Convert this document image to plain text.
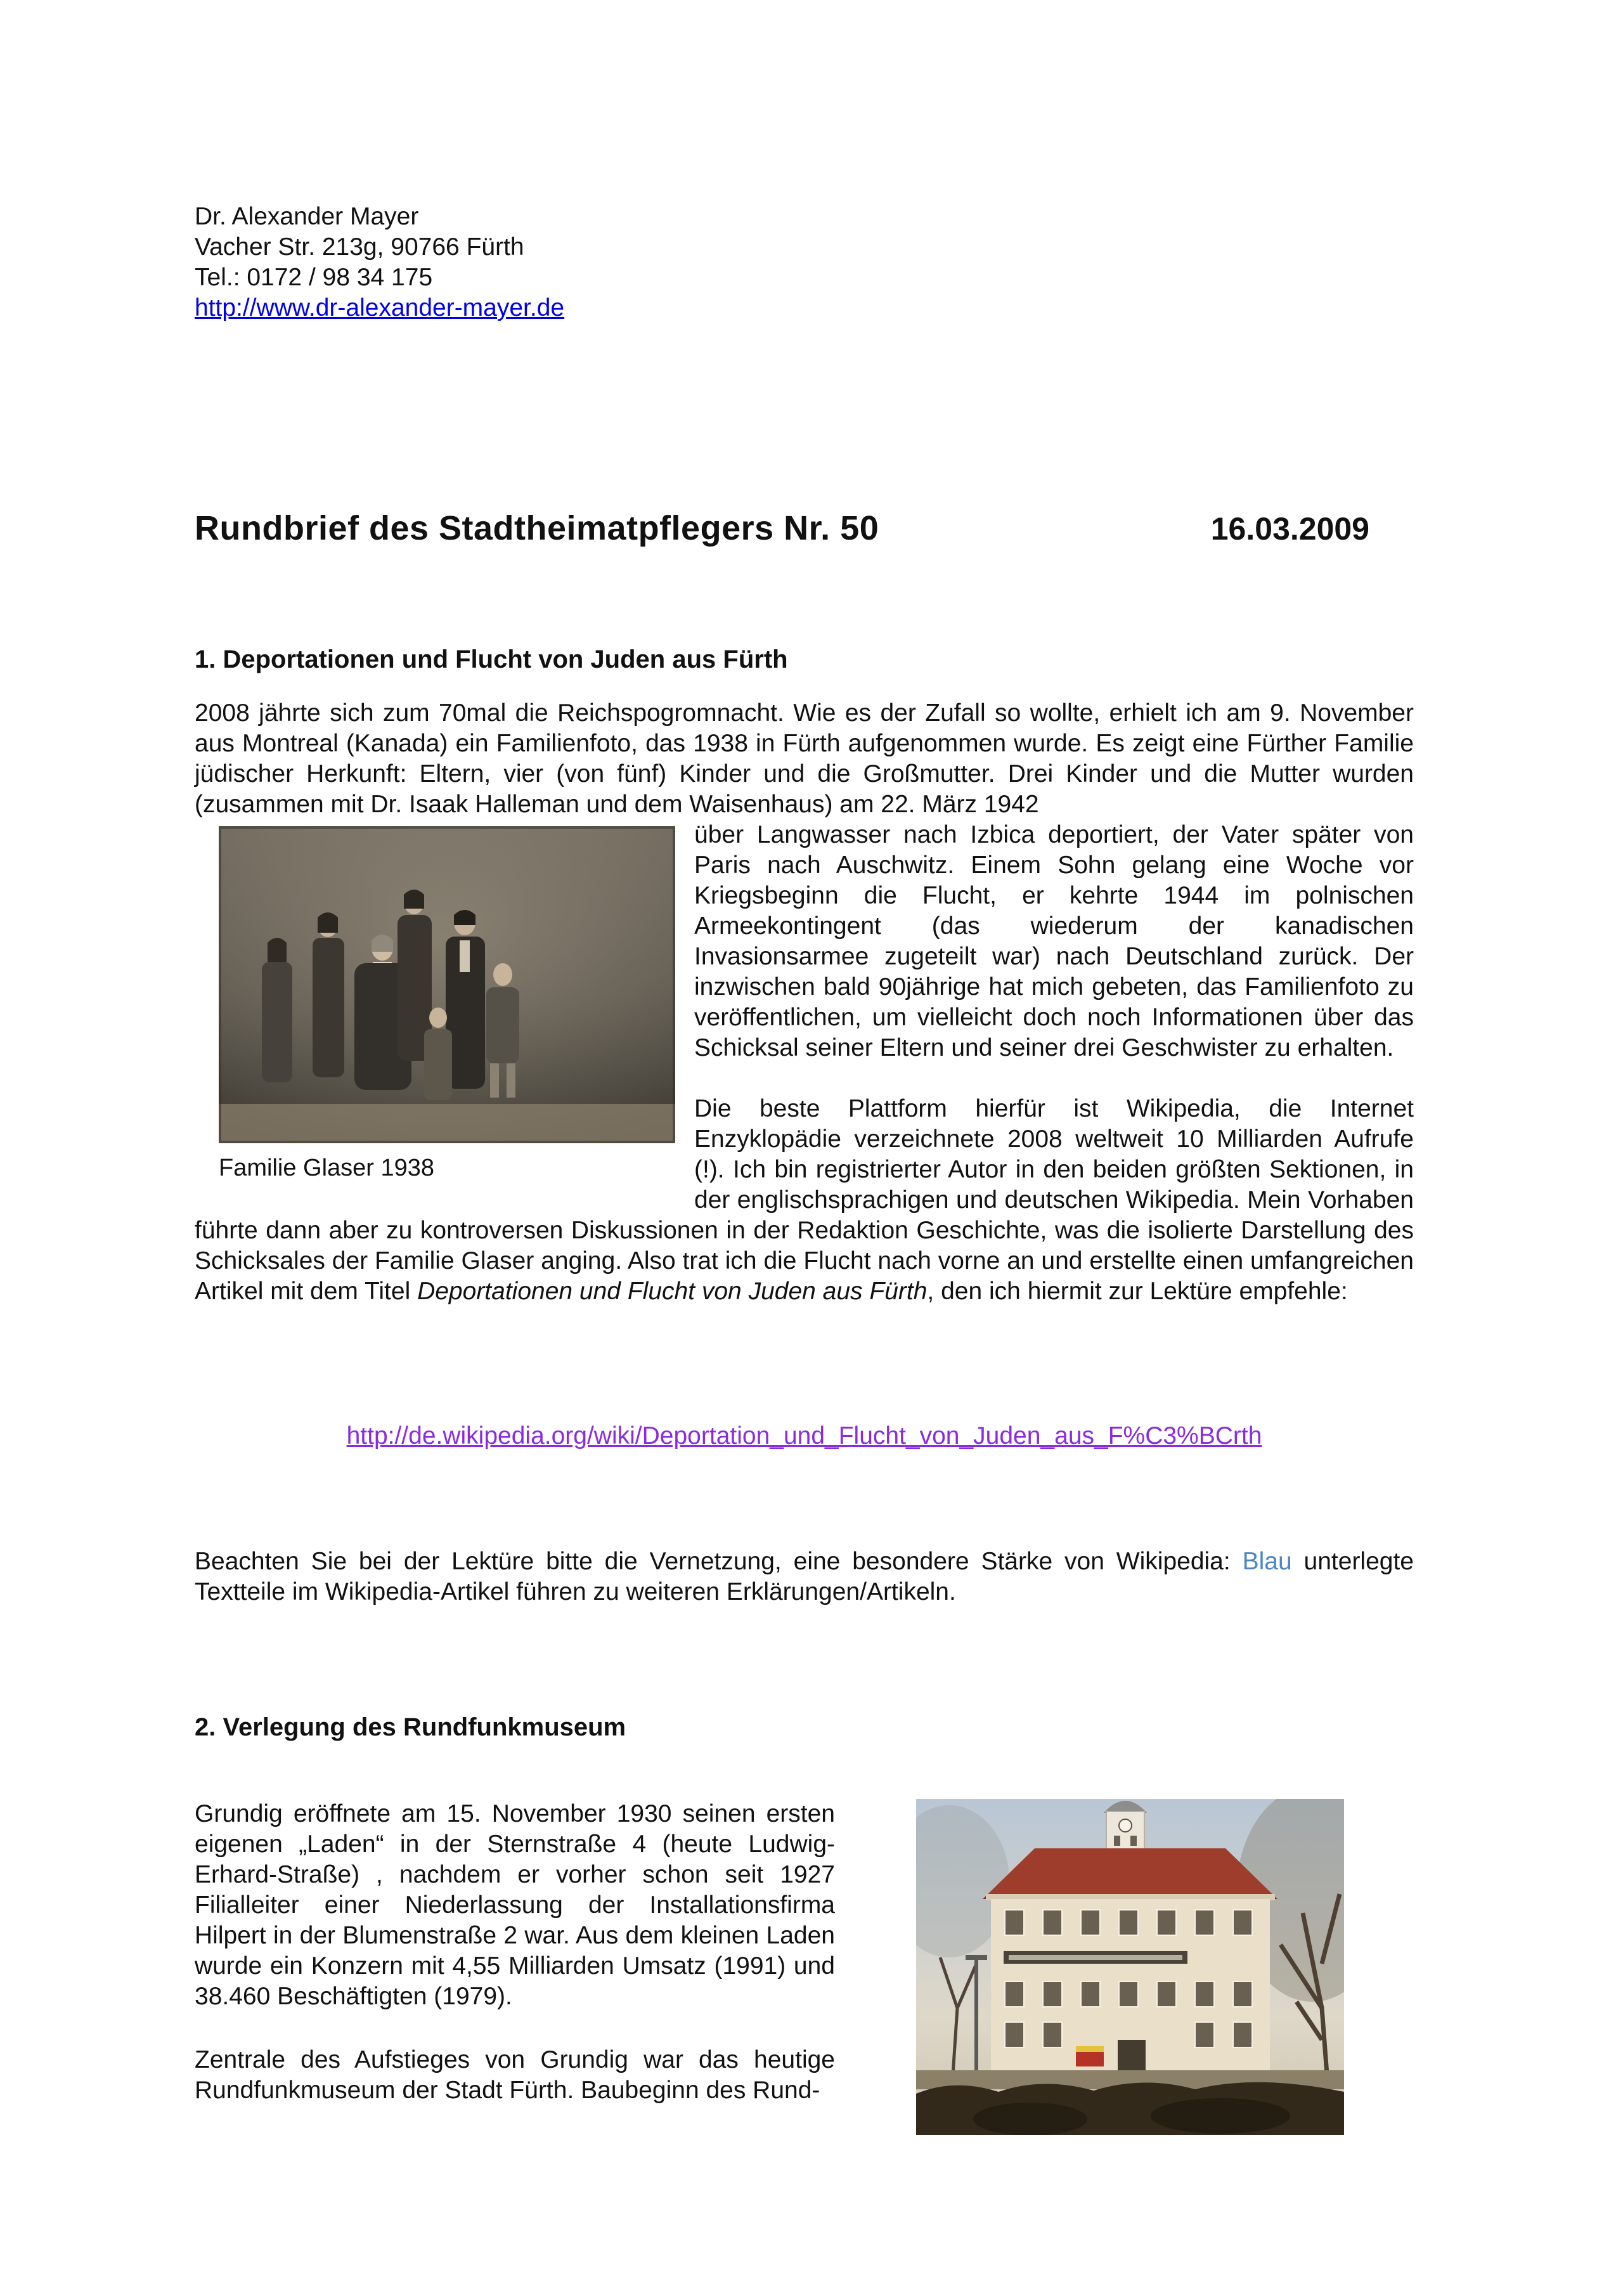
Dr. Alexander Mayer
Vacher Str. 213g, 90766 Fürth
Tel.: 0172 / 98 34 175
http://www.dr-alexander-mayer.de
Rundbrief des Stadtheimatpflegers Nr. 50	16.03.2009
1. Deportationen und Flucht von Juden aus Fürth

2008 jährte sich zum 70mal die Reichspogromnacht. Wie es der Zufall so wollte, erhielt ich am 9. November aus Montreal (Kanada) ein Familienfoto, das 1938 in Fürth aufgenommen wurde. Es zeigt eine Fürther Familie jüdischer Herkunft: Eltern, vier (von fünf) Kinder und die Großmutter. Drei Kinder und die Mutter wurden (zusammen mit Dr. Isaak Halleman und dem Waisenhaus) am 22. März 1942

Familie Glaser 1938

über Langwasser nach Izbica deportiert, der Vater später von Paris nach Auschwitz. Einem Sohn gelang eine Woche vor Kriegsbeginn die Flucht, er kehrte 1944 im polnischen Armeekontingent (das wiederum der kanadischen Invasionsarmee zugeteilt war) nach Deutschland zurück. Der inzwischen bald 90jährige hat mich gebeten, das Familienfoto zu veröffentlichen, um vielleicht doch noch Informationen über das Schicksal seiner Eltern und seiner drei Geschwister zu erhalten.

Die beste Plattform hierfür ist Wikipedia, die Internet Enzyklopädie verzeichnete 2008 weltweit 10 Milliarden Aufrufe (!). Ich bin registrierter Autor in den beiden größten Sektionen, in der englischsprachigen und deutschen Wikipedia. Mein Vorhaben führte dann aber zu kontroversen Diskussionen in der Redaktion Geschichte, was die isolierte Darstellung des Schicksales der Familie Glaser anging. Also trat ich die Flucht nach vorne an und erstellte einen umfangreichen Artikel mit dem Titel Deportationen und Flucht von Juden aus Fürth, den ich hiermit zur Lektüre empfehle:

http://de.wikipedia.org/wiki/Deportation_und_Flucht_von_Juden_aus_F%C3%BCrth

Beachten Sie bei der Lektüre bitte die Vernetzung, eine besondere Stärke von Wikipedia: Blau unterlegte Textteile im Wikipedia-Artikel führen zu weiteren Erklärungen/Artikeln.

2. Verlegung des Rundfunkmuseum

Grundig eröffnete am 15. November 1930 seinen ersten eigenen „Laden“ in der Sternstraße 4 (heute Ludwig-Erhard-Straße) , nachdem er vorher schon seit 1927 Filialleiter einer Niederlassung der Installationsfirma Hilpert in der Blumenstraße 2 war. Aus dem kleinen Laden wurde ein Konzern mit 4,55 Milliarden Umsatz (1991) und 38.460 Beschäftigten (1979).

Zentrale des Aufstieges von Grundig war das heutige Rundfunkmuseum der Stadt Fürth. Baubeginn des Rund-
